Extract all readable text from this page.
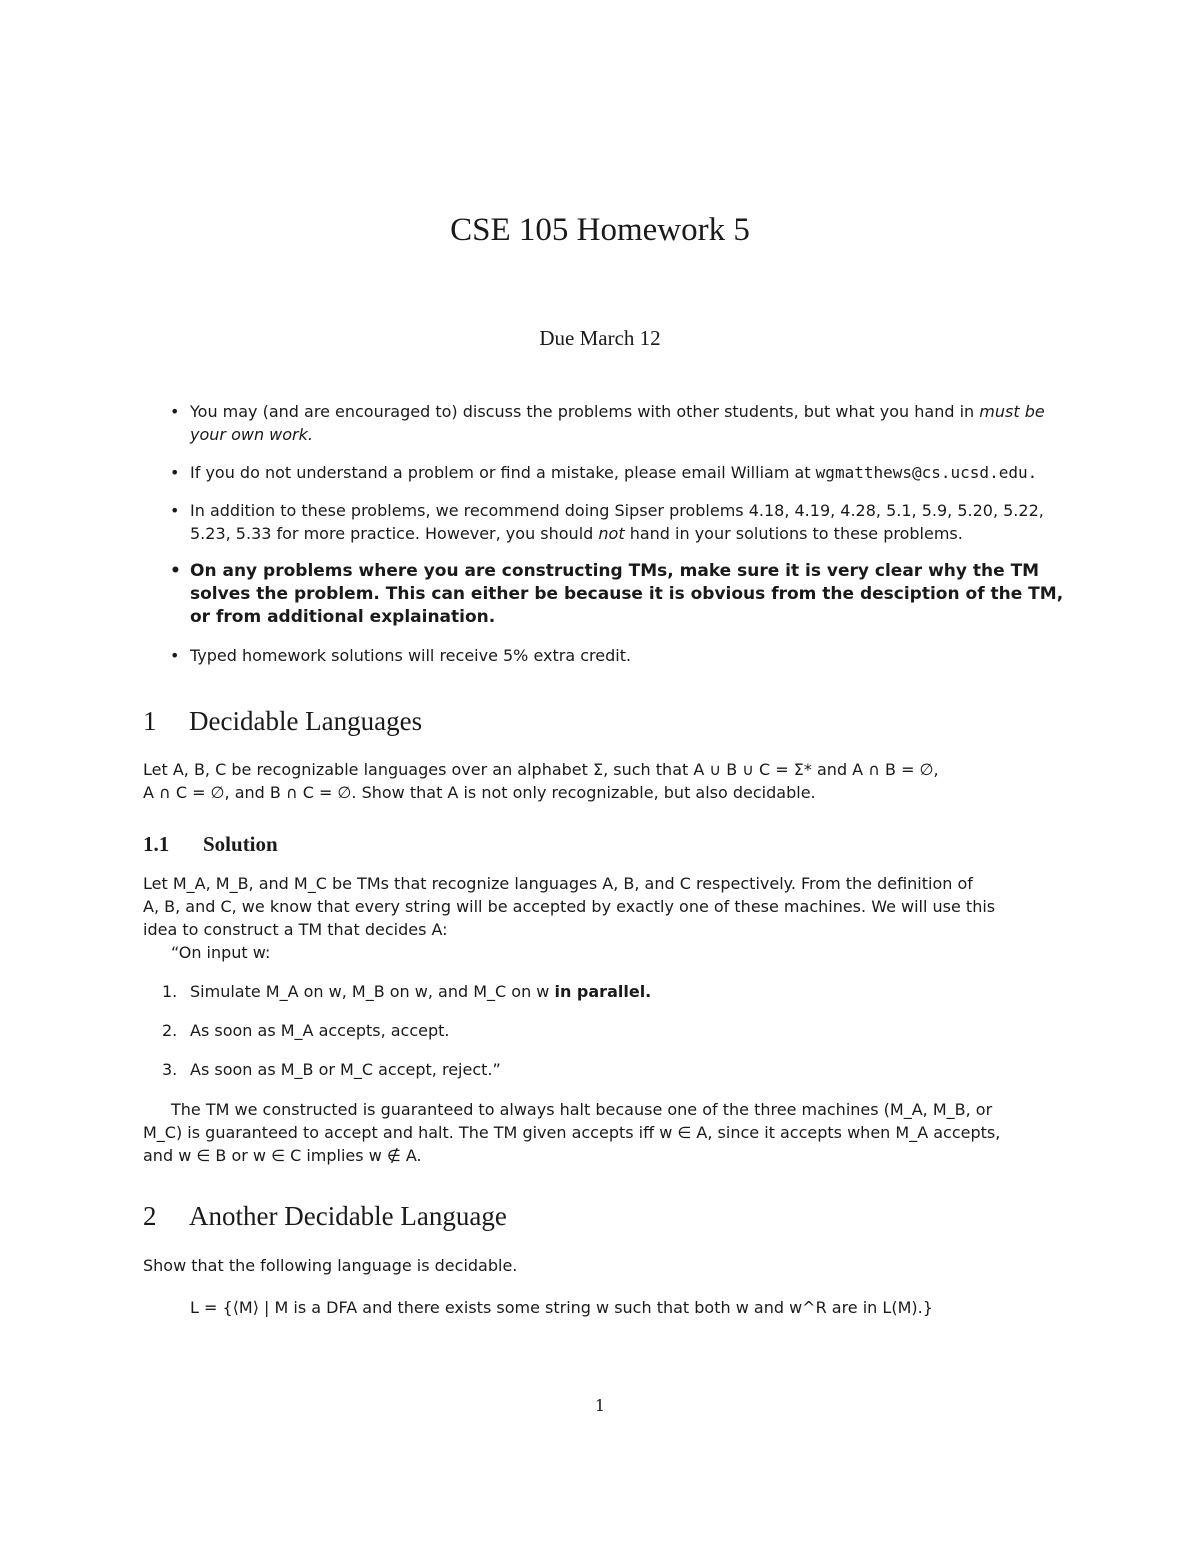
CSE 105 Homework 5
Due March 12
• You may (and are encouraged to) discuss the problems with other students, but what you hand in must be your own work.
• If you do not understand a problem or find a mistake, please email William at wgmatthews@cs.ucsd.edu.
• In addition to these problems, we recommend doing Sipser problems 4.18, 4.19, 4.28, 5.1, 5.9, 5.20, 5.22, 5.23, 5.33 for more practice. However, you should not hand in your solutions to these problems.
• On any problems where you are constructing TMs, make sure it is very clear why the TM solves the problem. This can either be because it is obvious from the desciption of the TM, or from additional explaination.
• Typed homework solutions will receive 5% extra credit.
1 Decidable Languages
Let A, B, C be recognizable languages over an alphabet Σ, such that A ∪ B ∪ C = Σ* and A ∩ B = ∅,
A ∩ C = ∅, and B ∩ C = ∅. Show that A is not only recognizable, but also decidable.
1.1 Solution
Let M_A, M_B, and M_C be TMs that recognize languages A, B, and C respectively. From the definition of
A, B, and C, we know that every string will be accepted by exactly one of these machines. We will use this
idea to construct a TM that decides A:
“On input w:
1. Simulate M_A on w, M_B on w, and M_C on w in parallel.
2. As soon as M_A accepts, accept.
3. As soon as M_B or M_C accept, reject.”
The TM we constructed is guaranteed to always halt because one of the three machines (M_A, M_B, or
M_C) is guaranteed to accept and halt. The TM given accepts iff w ∈ A, since it accepts when M_A accepts,
and w ∈ B or w ∈ C implies w ∉ A.
2 Another Decidable Language
Show that the following language is decidable.
L = {⟨M⟩ | M is a DFA and there exists some string w such that both w and w^R are in L(M).}
1
